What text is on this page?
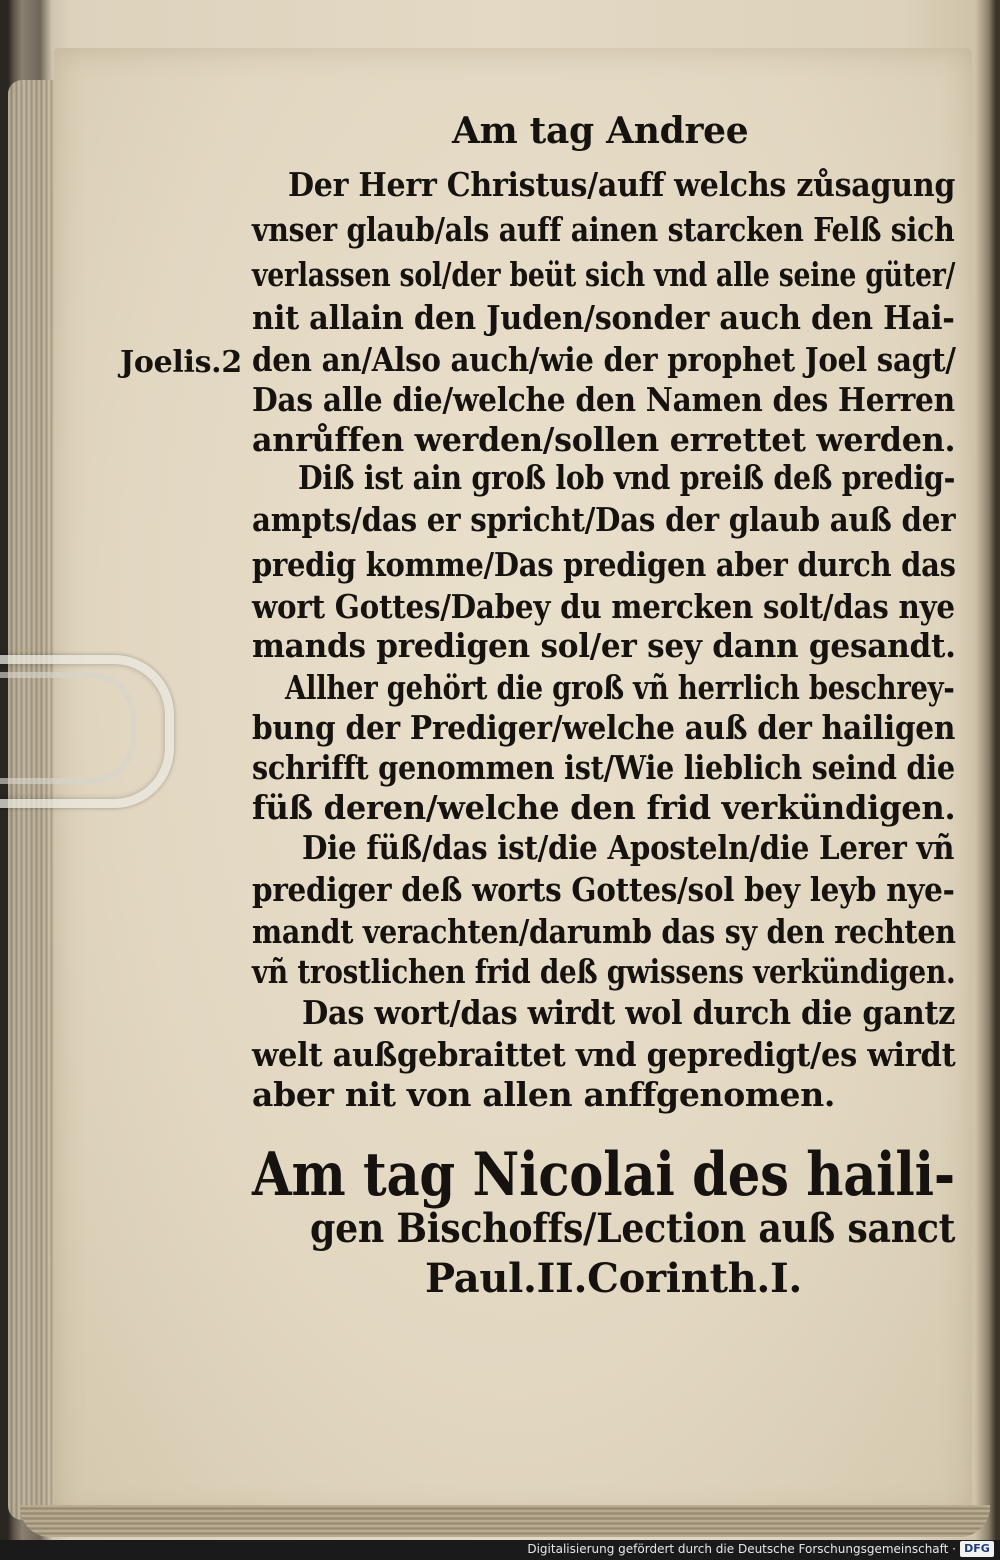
Am tag Andree
Joelis.2
Der Herr Christus/auff welchs zůsagung
vnser glaub/als auff ainen starcken Felß sich
verlassen sol/der beüt sich vnd alle seine güter/
nit allain den Juden/sonder auch den Hai-
den an/Also auch/wie der prophet Joel sagt/
Das alle die/welche den Namen des Herren
anrůffen werden/sollen errettet werden.
Diß ist ain groß lob vnd preiß deß predig-
ampts/das er spricht/Das der glaub auß der
predig komme/Das predigen aber durch das
wort Gottes/Dabey du mercken solt/das nye
mands predigen sol/er sey dann gesandt.
Allher gehört die groß vñ herrlich beschrey-
bung der Prediger/welche auß der hailigen
schrifft genommen ist/Wie lieblich seind die
füß deren/welche den frid verkündigen.
Die füß/das ist/die Aposteln/die Lerer vñ
prediger deß worts Gottes/sol bey leyb nye-
mandt verachten/darumb das sy den rechten
vñ trostlichen frid deß gwissens verkündigen.
Das wort/das wirdt wol durch die gantz
welt außgebraittet vnd gepredigt/es wirdt
aber nit von allen anffgenomen.
Am tag Nicolai des haili-
gen Bischoffs/Lection auß sanct
Paul.II.Corinth.I.
Digitalisierung gefördert durch die Deutsche Forschungsgemeinschaft · DFG
